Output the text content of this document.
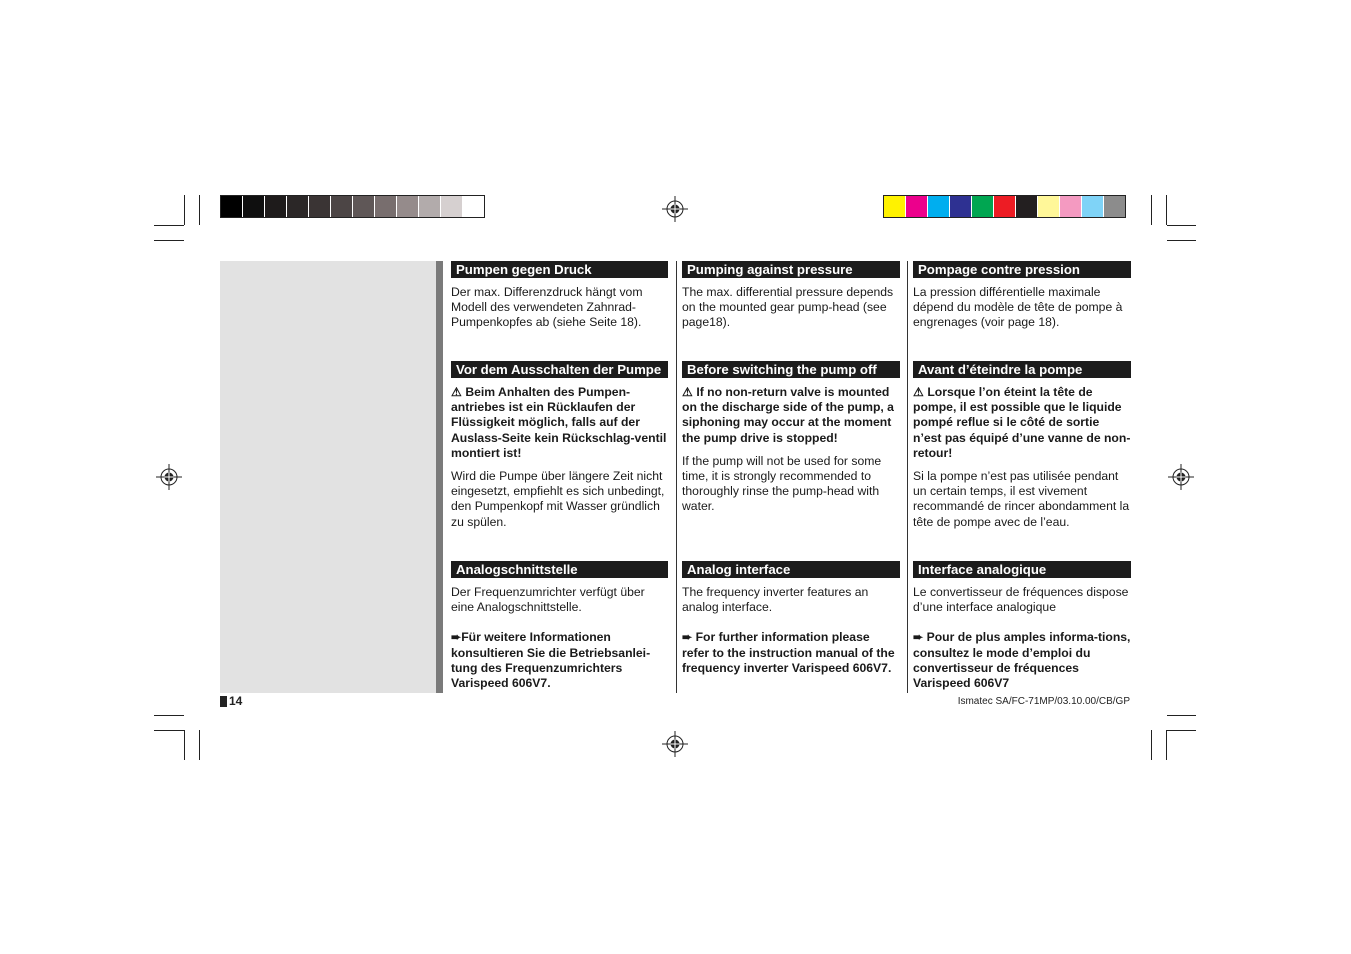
Pumpen gegen Druck
Der max. Differenzdruck hängt vom Modell des verwendeten Zahnrad-Pumpenkopfes ab (siehe Seite 18).
Vor dem Ausschalten der Pumpe

⚠ Beim Anhalten des Pumpen-antriebes ist ein Rücklaufen der Flüssigkeit möglich, falls auf der Auslass-Seite kein Rückschlag-ventil montiert ist!

Wird die Pumpe über längere Zeit nicht eingesetzt, empfiehlt es sich unbedingt, den Pumpenkopf mit Wasser gründlich zu spülen.

Analogschnittstelle

Der Frequenzumrichter verfügt über eine Analogschnittstelle.

➨Für weitere Informationen konsultieren Sie die Betriebsanlei-tung des Frequenzumrichters Varispeed 606V7.

Pumping against pressure
The max. differential pressure depends on the mounted gear pump-head (see page18).
Before switching the pump off

⚠ If no non-return valve is mounted on the discharge side of the pump, a siphoning may occur at the moment the pump drive is stopped!

If the pump will not be used for some time, it is strongly recommended to thoroughly rinse the pump-head with water.

Analog interface

The frequency inverter features an analog interface.

➨ For further information please refer to the instruction manual of the frequency inverter Varispeed 606V7.

Pompage contre pression
La pression différentielle maximale dépend du modèle de tête de pompe à engrenages (voir page 18).
Avant d’éteindre la pompe

⚠ Lorsque l’on éteint la tête de pompe, il est possible que le liquide pompé reflue si le côté de sortie n’est pas équipé d’une vanne de non-retour!

Si la pompe n’est pas utilisée pendant un certain temps, il est vivement recommandé de rincer abondamment la tête de pompe avec de l’eau.

Interface analogique

Le convertisseur de fréquences dispose d’une interface analogique

➨ Pour de plus amples informa-tions, consultez le mode d’emploi du convertisseur de fréquences Varispeed 606V7

14	Ismatec SA/FC-71MP/03.10.00/CB/GP
